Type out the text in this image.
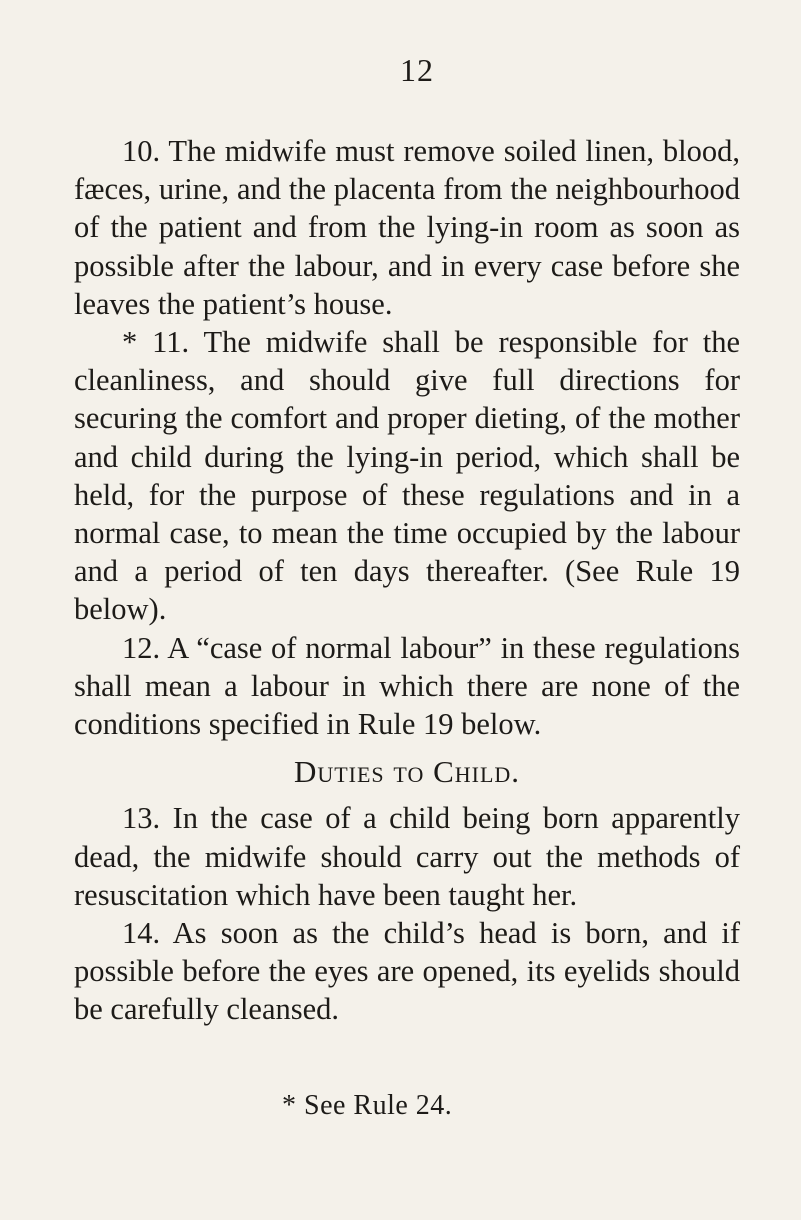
12

10. The midwife must remove soiled linen, blood, fæces, urine, and the placenta from the neighbourhood of the patient and from the lying-in room as soon as possible after the labour, and in every case before she leaves the patient’s house.

* 11. The midwife shall be responsible for the cleanliness, and should give full directions for securing the comfort and proper dieting, of the mother and child during the lying-in period, which shall be held, for the purpose of these regulations and in a normal case, to mean the time occupied by the labour and a period of ten days thereafter. (See Rule 19 below).

12. A “case of normal labour” in these regulations shall mean a labour in which there are none of the conditions specified in Rule 19 below.

Duties to Child.

13. In the case of a child being born apparently dead, the midwife should carry out the methods of resuscitation which have been taught her.

14. As soon as the child’s head is born, and if possible before the eyes are opened, its eyelids should be carefully cleansed.

* See Rule 24.
